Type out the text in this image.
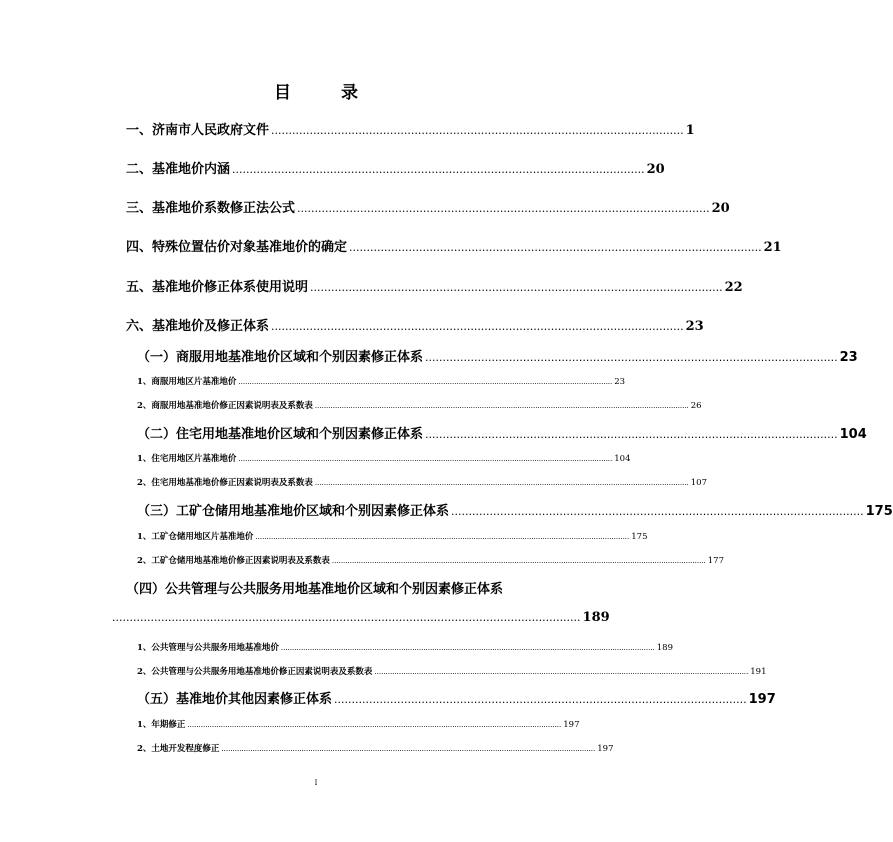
目 录
一、济南市人民政府文件 ...................................................................................................................... 1
二、基准地价内涵 ...................................................................................................................... 20
三、基准地价系数修正法公式 ...................................................................................................................... 20
四、特殊位置估价对象基准地价的确定 ...................................................................................................................... 21
五、基准地价修正体系使用说明 ...................................................................................................................... 22
六、基准地价及修正体系 ...................................................................................................................... 23
（一）商服用地基准地价区域和个别因素修正体系 ...................................................................................................................... 23
1、商服用地区片基准地价 ........................................................................................................................................................................ 23
2、商服用地基准地价修正因素说明表及系数表 ........................................................................................................................................................................ 26
（二）住宅用地基准地价区域和个别因素修正体系 ...................................................................................................................... 104
1、住宅用地区片基准地价 ........................................................................................................................................................................ 104
2、住宅用地基准地价修正因素说明表及系数表 ........................................................................................................................................................................ 107
（三）工矿仓储用地基准地价区域和个别因素修正体系 ...................................................................................................................... 175
1、工矿仓储用地区片基准地价 ........................................................................................................................................................................ 175
2、工矿仓储用地基准地价修正因素说明表及系数表 ........................................................................................................................................................................ 177
（四）公共管理与公共服务用地基准地价区域和个别因素修正体系
...................................................................................................................................... 189
1、公共管理与公共服务用地基准地价 ........................................................................................................................................................................ 189
2、公共管理与公共服务用地基准地价修正因素说明表及系数表 ........................................................................................................................................................................ 191
（五）基准地价其他因素修正体系 ...................................................................................................................... 197
1、年期修正 ........................................................................................................................................................................ 197
2、土地开发程度修正 ........................................................................................................................................................................ 197
I
